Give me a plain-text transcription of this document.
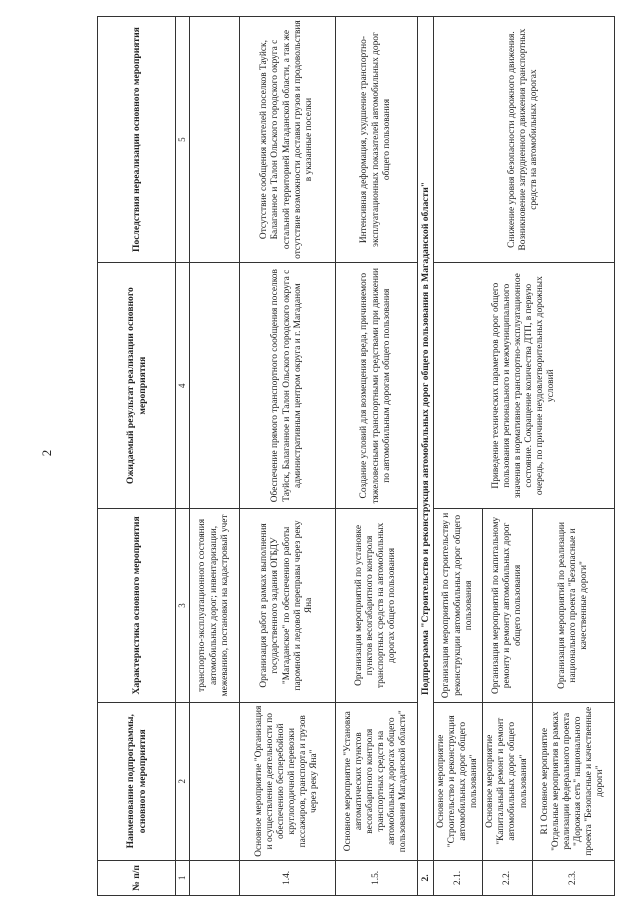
2
№ п/п	Наименование подпрограммы, основного мероприятия	Характеристика основного мероприятия	Ожидаемый результат реализации основного мероприятия	Последствия нереализации основного мероприятия
1	2	3	4	5
		транспортно-эксплуатационного состояния автомобильных дорог; инвентаризации, межеванию, постановки на кадастровый учет		
1.4.	Основное мероприятие "Организация и осуществление деятельности по обеспечению бесперебойной круглогодичной перевозки пассажиров, транспорта и грузов через реку Яна"	Организация работ в рамках выполнения государственного задания ОГБДУ "Магаданское" по обеспечению работы паромной и ледовой переправы через реку Яна	Обеспечение прямого транспортного сообщения поселков Тауйск, Балаганное и Талон Ольского городского округа с административным центром округа и г. Магаданом	Отсутствие сообщения жителей поселков Тауйск, Балаганное и Талон Ольского городского округа с остальной территорией Магаданской области, а так же отсутствие возможности доставки грузов и продовольствия в указанные поселки
1.5.	Основное мероприятие "Установка автоматических пунктов весогабаритного контроля транспортных средств на автомобильных дорогах общего пользования Магаданской области"	Организация мероприятий по установке пунктов весогабаритного контроля транспортных средств на автомобильных дорогах общего пользования	Создание условий для возмещения вреда, причиняемого тяжеловесными транспортными средствами при движении по автомобильным дорогам общего пользования	Интенсивная деформация, ухудшение транспортно-эксплуатационных показателей автомобильных дорог общего пользования
2.	Подпрограмма "Строительство и реконструкция автомобильных дорог общего пользования в Магаданской области"			
2.1.	Основное мероприятие "Строительство и реконструкция автомобильных дорог общего пользования"	Организация мероприятий по строительству и реконструкции автомобильных дорог общего пользования	Приведение технических параметров дорог общего пользования регионального и межмуниципального значения в нормативное транспортно-эксплуатационное состояние. Сокращение количества ДТП, в первую очередь, по причине неудовлетворительных дорожных условий	Снижение уровня безопасности дорожного движения. Возникновение затрудненного движения транспортных средств на автомобильных дорогах
2.2.	Основное мероприятие "Капитальный ремонт и ремонт автомобильных дорог общего пользования"	Организация мероприятий по капитальному ремонту и ремонту автомобильных дорог общего пользования		
2.3.	R1 Основное мероприятие "Отдельные мероприятия в рамках реализации федерального проекта "Дорожная сеть" национального проекта "Безопасные и качественные дороги"	Организация мероприятий по реализации национального проекта "Безопасные и качественные дороги"		
